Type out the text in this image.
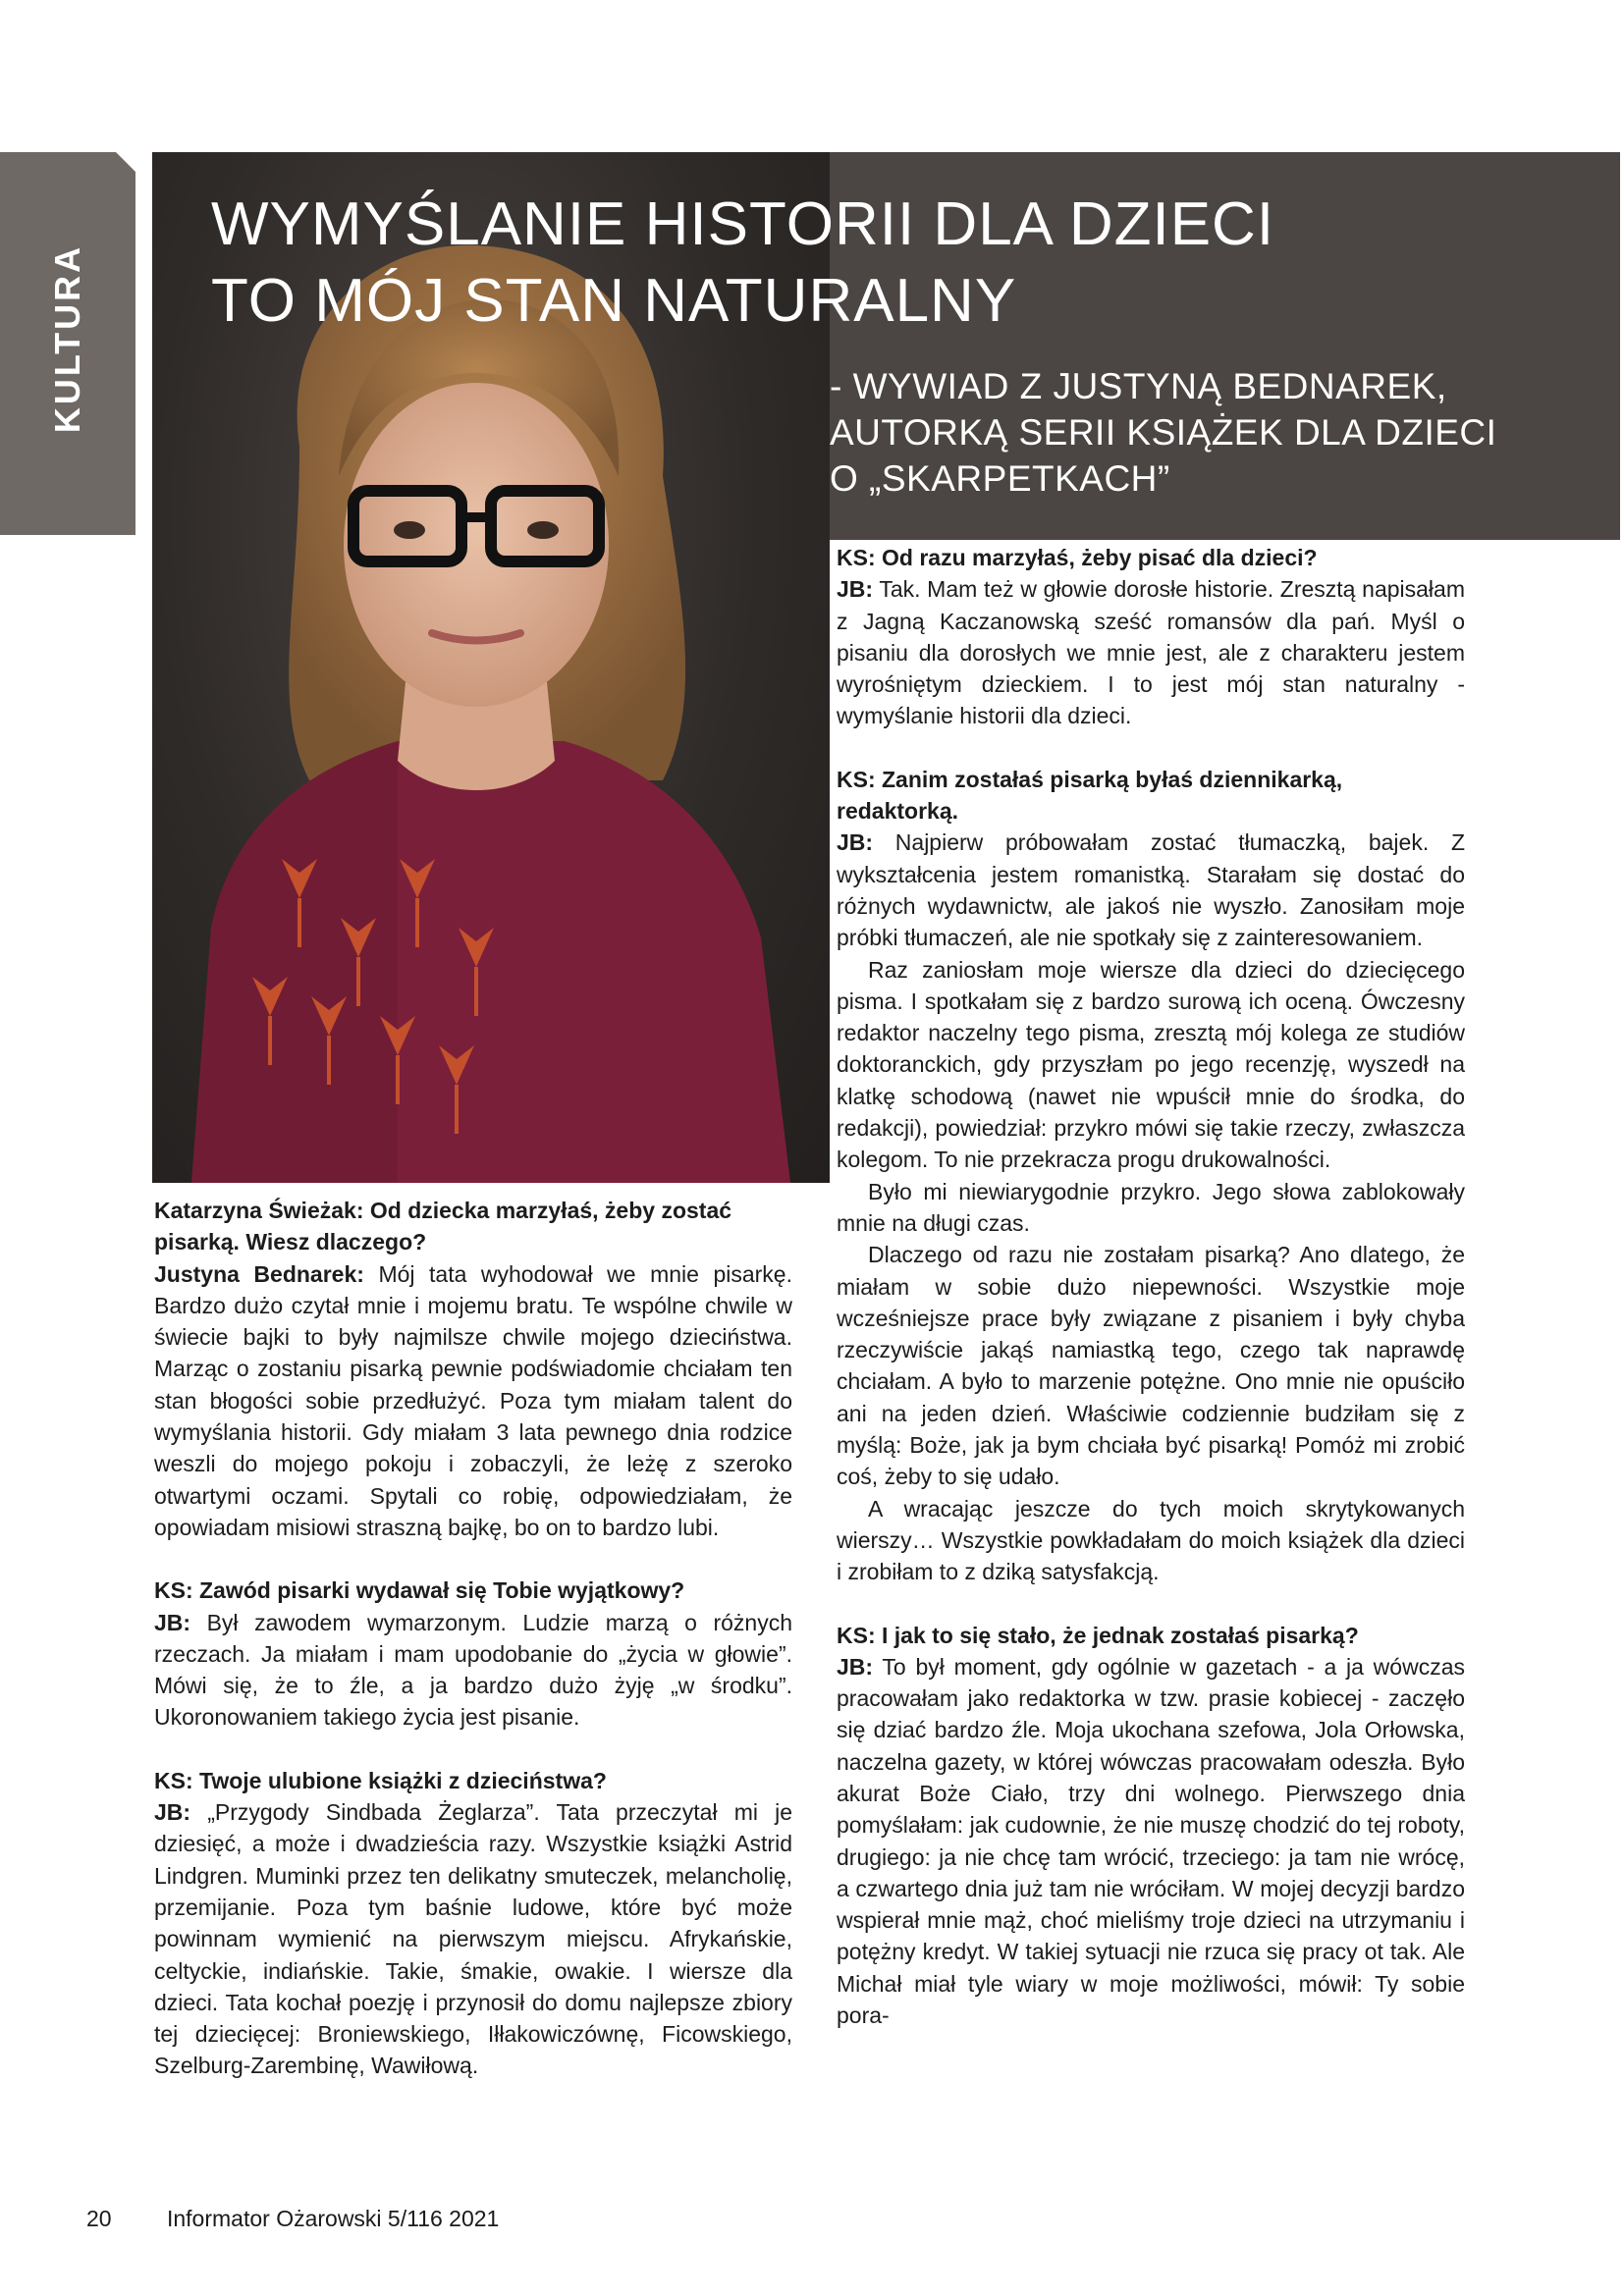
KULTURA
WYMYŚLANIE HISTORII DLA DZIECI
TO MÓJ STAN NATURALNY
- WYWIAD Z JUSTYNĄ BEDNAREK,
AUTORKĄ SERII KSIĄŻEK DLA DZIECI
O „SKARPETKACH”

Katarzyna Świeżak: Od dziecka marzyłaś, żeby zostać pisarką. Wiesz dlaczego?

Justyna Bednarek: Mój tata wyhodował we mnie pisarkę. Bardzo dużo czytał mnie i mojemu bratu. Te wspólne chwile w świecie bajki to były najmilsze chwile mojego dzieciństwa. Marząc o zostaniu pisarką pewnie podświadomie chciałam ten stan błogości sobie przedłużyć. Poza tym miałam talent do wymyślania historii. Gdy miałam 3 lata pewnego dnia rodzice weszli do mojego pokoju i zobaczyli, że leżę z szeroko otwartymi oczami. Spytali co robię, odpowiedziałam, że opowiadam misiowi straszną bajkę, bo on to bardzo lubi.

KS: Zawód pisarki wydawał się Tobie wyjątkowy?

JB: Był zawodem wymarzonym. Ludzie marzą o różnych rzeczach. Ja miałam i mam upodobanie do „życia w głowie”. Mówi się, że to źle, a ja bardzo dużo żyję „w środku”. Ukoronowaniem takiego życia jest pisanie.

KS: Twoje ulubione książki z dzieciństwa?

JB: „Przygody Sindbada Żeglarza”. Tata przeczytał mi je dziesięć, a może i dwadzieścia razy. Wszystkie książki Astrid Lindgren. Muminki przez ten delikatny smuteczek, melancholię, przemijanie. Poza tym baśnie ludowe, które być może powinnam wymienić na pierwszym miejscu. Afrykańskie, celtyckie, indiańskie. Takie, śmakie, owakie. I wiersze dla dzieci. Tata kochał poezję i przynosił do domu najlepsze zbiory tej dziecięcej: Broniewskiego, Iłłakowiczównę, Ficowskiego, Szelburg-Zarembinę, Wawiłową.

KS: Od razu marzyłaś, żeby pisać dla dzieci?

JB: Tak. Mam też w głowie dorosłe historie. Zresztą napisałam z Jagną Kaczanowską sześć romansów dla pań. Myśl o pisaniu dla dorosłych we mnie jest, ale z charakteru jestem wyrośniętym dzieckiem. I to jest mój stan naturalny - wymyślanie historii dla dzieci.

KS: Zanim zostałaś pisarką byłaś dziennikarką, redaktorką.

JB: Najpierw próbowałam zostać tłumaczką, bajek. Z wykształcenia jestem romanistką. Starałam się dostać do różnych wydawnictw, ale jakoś nie wyszło. Zanosiłam moje próbki tłumaczeń, ale nie spotkały się z zainteresowaniem.

Raz zaniosłam moje wiersze dla dzieci do dziecięcego pisma. I spotkałam się z bardzo surową ich oceną. Ówczesny redaktor naczelny tego pisma, zresztą mój kolega ze studiów doktoranckich, gdy przyszłam po jego recenzję, wyszedł na klatkę schodową (nawet nie wpuścił mnie do środka, do redakcji), powiedział: przykro mówi się takie rzeczy, zwłaszcza kolegom. To nie przekracza progu drukowalności.

Było mi niewiarygodnie przykro. Jego słowa zablokowały mnie na długi czas.

Dlaczego od razu nie zostałam pisarką? Ano dlatego, że miałam w sobie dużo niepewności. Wszystkie moje wcześniejsze prace były związane z pisaniem i były chyba rzeczywiście jakąś namiastką tego, czego tak naprawdę chciałam. A było to marzenie potężne. Ono mnie nie opuściło ani na jeden dzień. Właściwie codziennie budziłam się z myślą: Boże, jak ja bym chciała być pisarką! Pomóż mi zrobić coś, żeby to się udało.

A wracając jeszcze do tych moich skrytykowanych wierszy… Wszystkie powkładałam do moich książek dla dzieci i zrobiłam to z dziką satysfakcją.

KS: I jak to się stało, że jednak zostałaś pisarką?

JB: To był moment, gdy ogólnie w gazetach - a ja wówczas pracowałam jako redaktorka w tzw. prasie kobiecej - zaczęło się dziać bardzo źle. Moja ukochana szefowa, Jola Orłowska, naczelna gazety, w której wówczas pracowałam odeszła. Było akurat Boże Ciało, trzy dni wolnego. Pierwszego dnia pomyślałam: jak cudownie, że nie muszę chodzić do tej roboty, drugiego: ja nie chcę tam wrócić, trzeciego: ja tam nie wrócę, a czwartego dnia już tam nie wróciłam. W mojej decyzji bardzo wspierał mnie mąż, choć mieliśmy troje dzieci na utrzymaniu i potężny kredyt. W takiej sytuacji nie rzuca się pracy ot tak. Ale Michał miał tyle wiary w moje możliwości, mówił: Ty sobie pora-

20 Informator Ożarowski 5/116 2021
